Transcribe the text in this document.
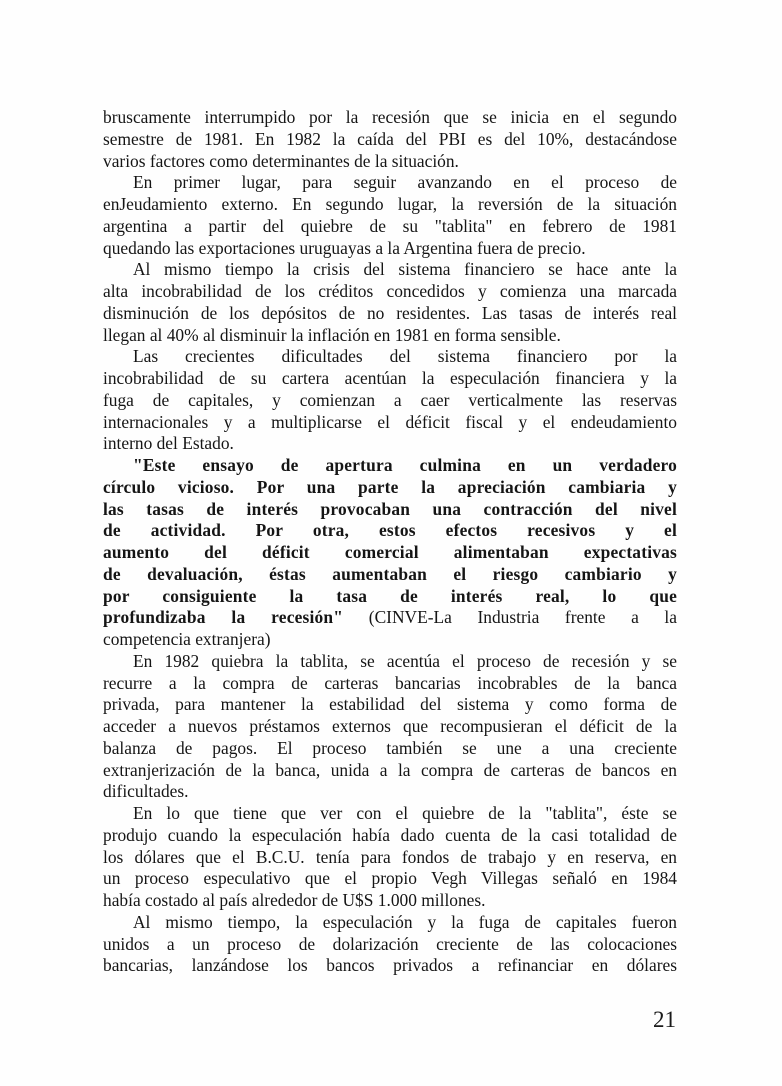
bruscamente interrumpido por la recesión que se inicia en el segundo
semestre de 1981. En 1982 la caída del PBI es del 10%, destacándose
varios factores como determinantes de la situación.
En primer lugar, para seguir avanzando en el proceso de
enJeudamiento externo. En segundo lugar, la reversión de la situación
argentina a partir del quiebre de su "tablita" en febrero de 1981
quedando las exportaciones uruguayas a la Argentina fuera de precio.
Al mismo tiempo la crisis del sistema financiero se hace ante la
alta incobrabilidad de los créditos concedidos y comienza una marcada
disminución de los depósitos de no residentes. Las tasas de interés real
llegan al 40% al disminuir la inflación en 1981 en forma sensible.
Las crecientes dificultades del sistema financiero por la
incobrabilidad de su cartera acentúan la especulación financiera y la
fuga de capitales, y comienzan a caer verticalmente las reservas
internacionales y a multiplicarse el déficit fiscal y el endeudamiento
interno del Estado.
"Este ensayo de apertura culmina en un verdadero
círculo vicioso. Por una parte la apreciación cambiaria y
las tasas de interés provocaban una contracción del nivel
de actividad. Por otra, estos efectos recesivos y el
aumento del déficit comercial alimentaban expectativas
de devaluación, éstas aumentaban el riesgo cambiario y
por consiguiente la tasa de interés real, lo que
profundizaba la recesión" (CINVE-La Industria frente a la
competencia extranjera)
En 1982 quiebra la tablita, se acentúa el proceso de recesión y se
recurre a la compra de carteras bancarias incobrables de la banca
privada, para mantener la estabilidad del sistema y como forma de
acceder a nuevos préstamos externos que recompusieran el déficit de la
balanza de pagos. El proceso también se une a una creciente
extranjerización de la banca, unida a la compra de carteras de bancos en
dificultades.
En lo que tiene que ver con el quiebre de la "tablita", éste se
produjo cuando la especulación había dado cuenta de la casi totalidad de
los dólares que el B.C.U. tenía para fondos de trabajo y en reserva, en
un proceso especulativo que el propio Vegh Villegas señaló en 1984
había costado al país alrededor de U$S 1.000 millones.
Al mismo tiempo, la especulación y la fuga de capitales fueron
unidos a un proceso de dolarización creciente de las colocaciones
bancarias, lanzándose los bancos privados a refinanciar en dólares
21
